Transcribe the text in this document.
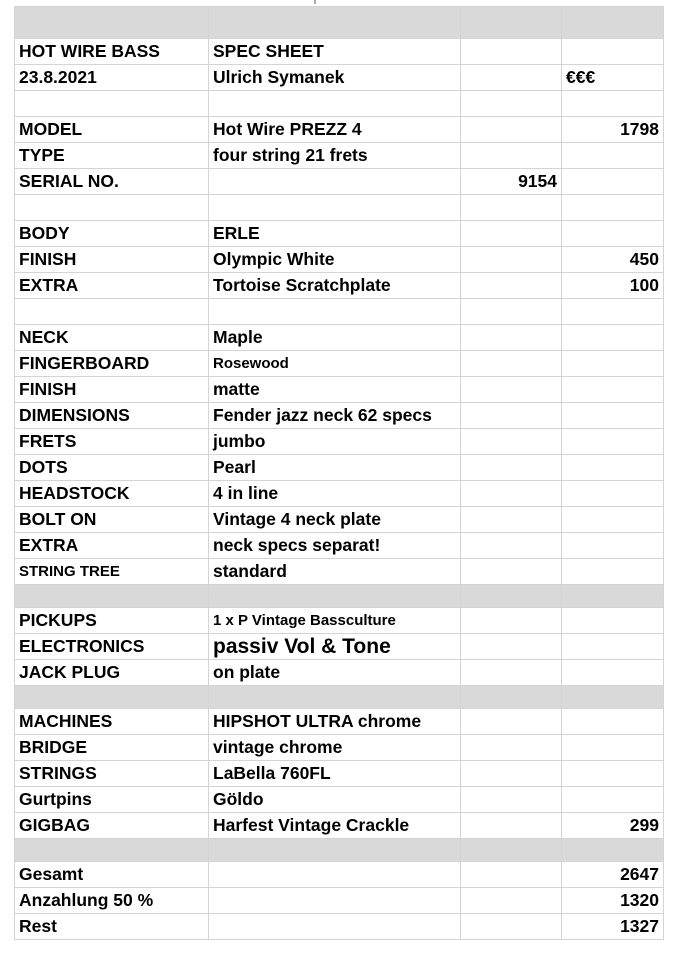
HOT WIRE BASS	SPEC SHEET		
23.8.2021	Ulrich Symanek		€€€

MODEL	Hot Wire PREZZ 4		1798
TYPE	four string 21 frets		
SERIAL NO.		9154	

BODY	ERLE		
FINISH	Olympic White		450
EXTRA	Tortoise Scratchplate		100

NECK	Maple		
FINGERBOARD	Rosewood		
FINISH	matte		
DIMENSIONS	Fender jazz neck 62 specs		
FRETS	jumbo		
DOTS	Pearl		
HEADSTOCK	4 in line		
BOLT ON	Vintage 4 neck plate		
EXTRA	neck specs separat!		
STRING TREE	standard		

PICKUPS	1 x P Vintage Bassculture		
ELECTRONICS	passiv Vol & Tone		
JACK PLUG	on plate		

MACHINES	HIPSHOT ULTRA chrome		
BRIDGE	vintage chrome		
STRINGS	LaBella 760FL		
Gurtpins	Göldo		
GIGBAG	Harfest Vintage Crackle		299

Gesamt			2647
Anzahlung 50 %			1320
Rest			1327
